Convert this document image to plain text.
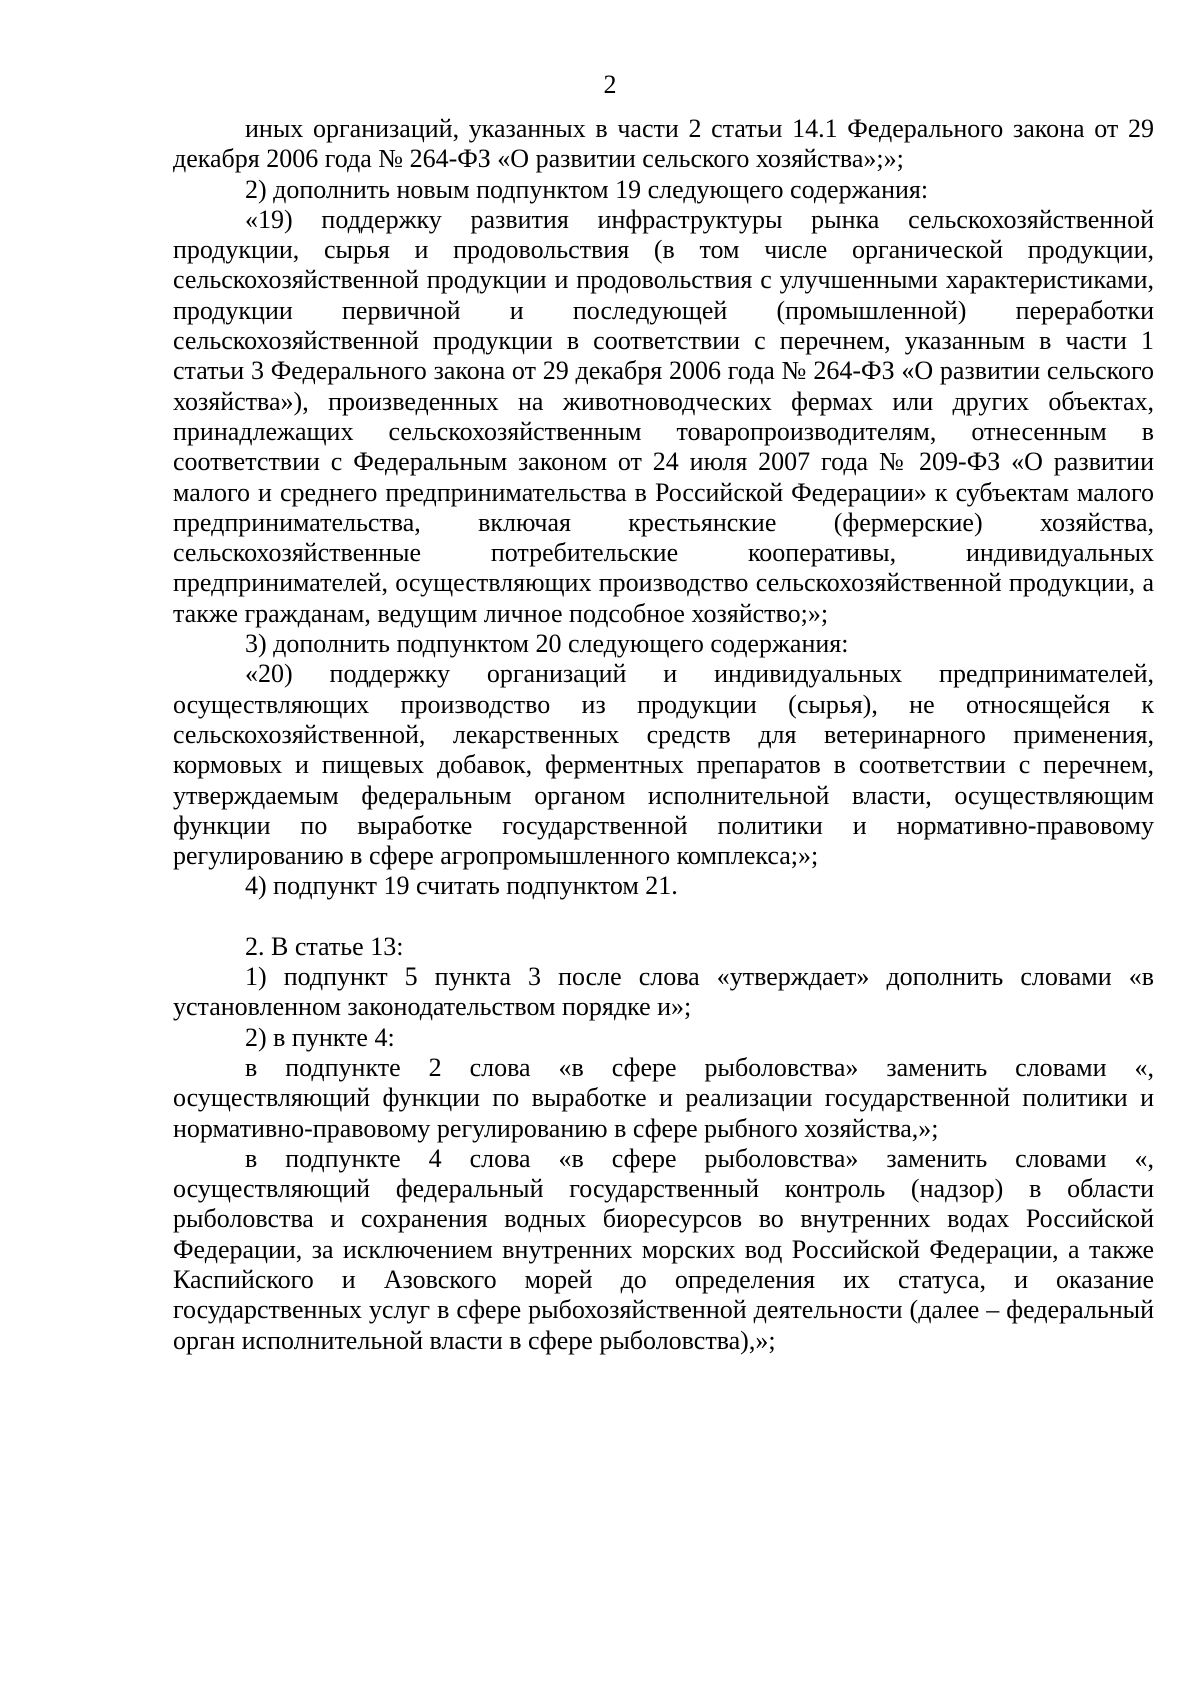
2

иных организаций, указанных в части 2 статьи 14.1 Федерального закона от 29 декабря 2006 года № 264-ФЗ «О развитии сельского хозяйства»;»;

2) дополнить новым подпунктом 19 следующего содержания:

«19) поддержку развития инфраструктуры рынка сельскохозяйственной продукции, сырья и продовольствия (в том числе органической продукции, сельскохозяйственной продукции и продовольствия с улучшенными характеристиками, продукции первичной и последующей (промышленной) переработки сельскохозяйственной продукции в соответствии с перечнем, указанным в части 1 статьи 3 Федерального закона от 29 декабря 2006 года № 264-ФЗ «О развитии сельского хозяйства»), произведенных на животноводческих фермах или других объектах, принадлежащих сельскохозяйственным товаропроизводителям, отнесенным в соответствии с Федеральным законом от 24 июля 2007 года № 209-ФЗ «О развитии малого и среднего предпринимательства в Российской Федерации» к субъектам малого предпринимательства, включая крестьянские (фермерские) хозяйства, сельскохозяйственные потребительские кооперативы, индивидуальных предпринимателей, осуществляющих производство сельскохозяйственной продукции, а также гражданам, ведущим личное подсобное хозяйство;»;

3) дополнить подпунктом 20 следующего содержания:

«20) поддержку организаций и индивидуальных предпринимателей, осуществляющих производство из продукции (сырья), не относящейся к сельскохозяйственной, лекарственных средств для ветеринарного применения, кормовых и пищевых добавок, ферментных препаратов в соответствии с перечнем, утверждаемым федеральным органом исполнительной власти, осуществляющим функции по выработке государственной политики и нормативно-правовому регулированию в сфере агропромышленного комплекса;»;

4) подпункт 19 считать подпунктом 21.

2. В статье 13:

1) подпункт 5 пункта 3 после слова «утверждает» дополнить словами «в установленном законодательством порядке и»;

2) в пункте 4:

в подпункте 2 слова «в сфере рыболовства» заменить словами «, осуществляющий функции по выработке и реализации государственной политики и нормативно-правовому регулированию в сфере рыбного хозяйства,»;

в подпункте 4 слова «в сфере рыболовства» заменить словами «, осуществляющий федеральный государственный контроль (надзор) в области рыболовства и сохранения водных биоресурсов во внутренних водах Российской Федерации, за исключением внутренних морских вод Российской Федерации, а также Каспийского и Азовского морей до определения их статуса, и оказание государственных услуг в сфере рыбохозяйственной деятельности (далее – федеральный орган исполнительной власти в сфере рыболовства),»;
